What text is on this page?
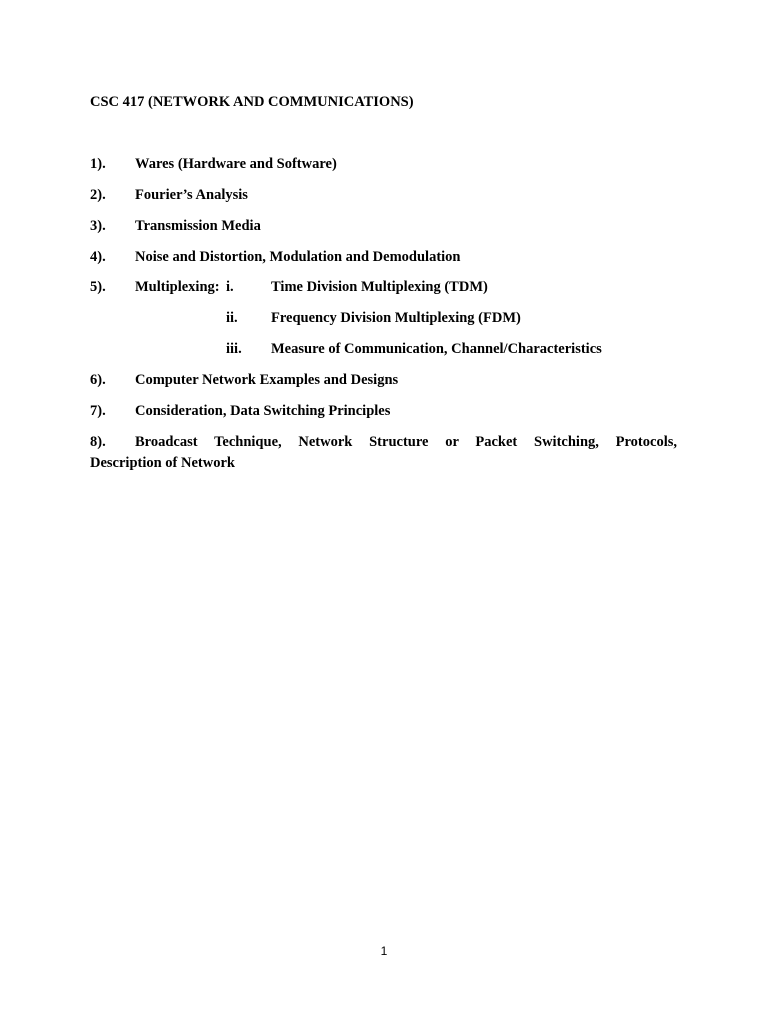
CSC 417 (NETWORK AND COMMUNICATIONS)
1). Wares (Hardware and Software)
2). Fourier’s Analysis
3). Transmission Media
4). Noise and Distortion, Modulation and Demodulation
5). Multiplexing: i.	Time Division Multiplexing (TDM)
ii. Frequency Division Multiplexing (FDM)
iii. Measure of Communication, Channel/Characteristics
6). Computer Network Examples and Designs
7). Consideration, Data Switching Principles
8). Broadcast Technique, Network Structure or Packet Switching, Protocols,
Description of Network
1
